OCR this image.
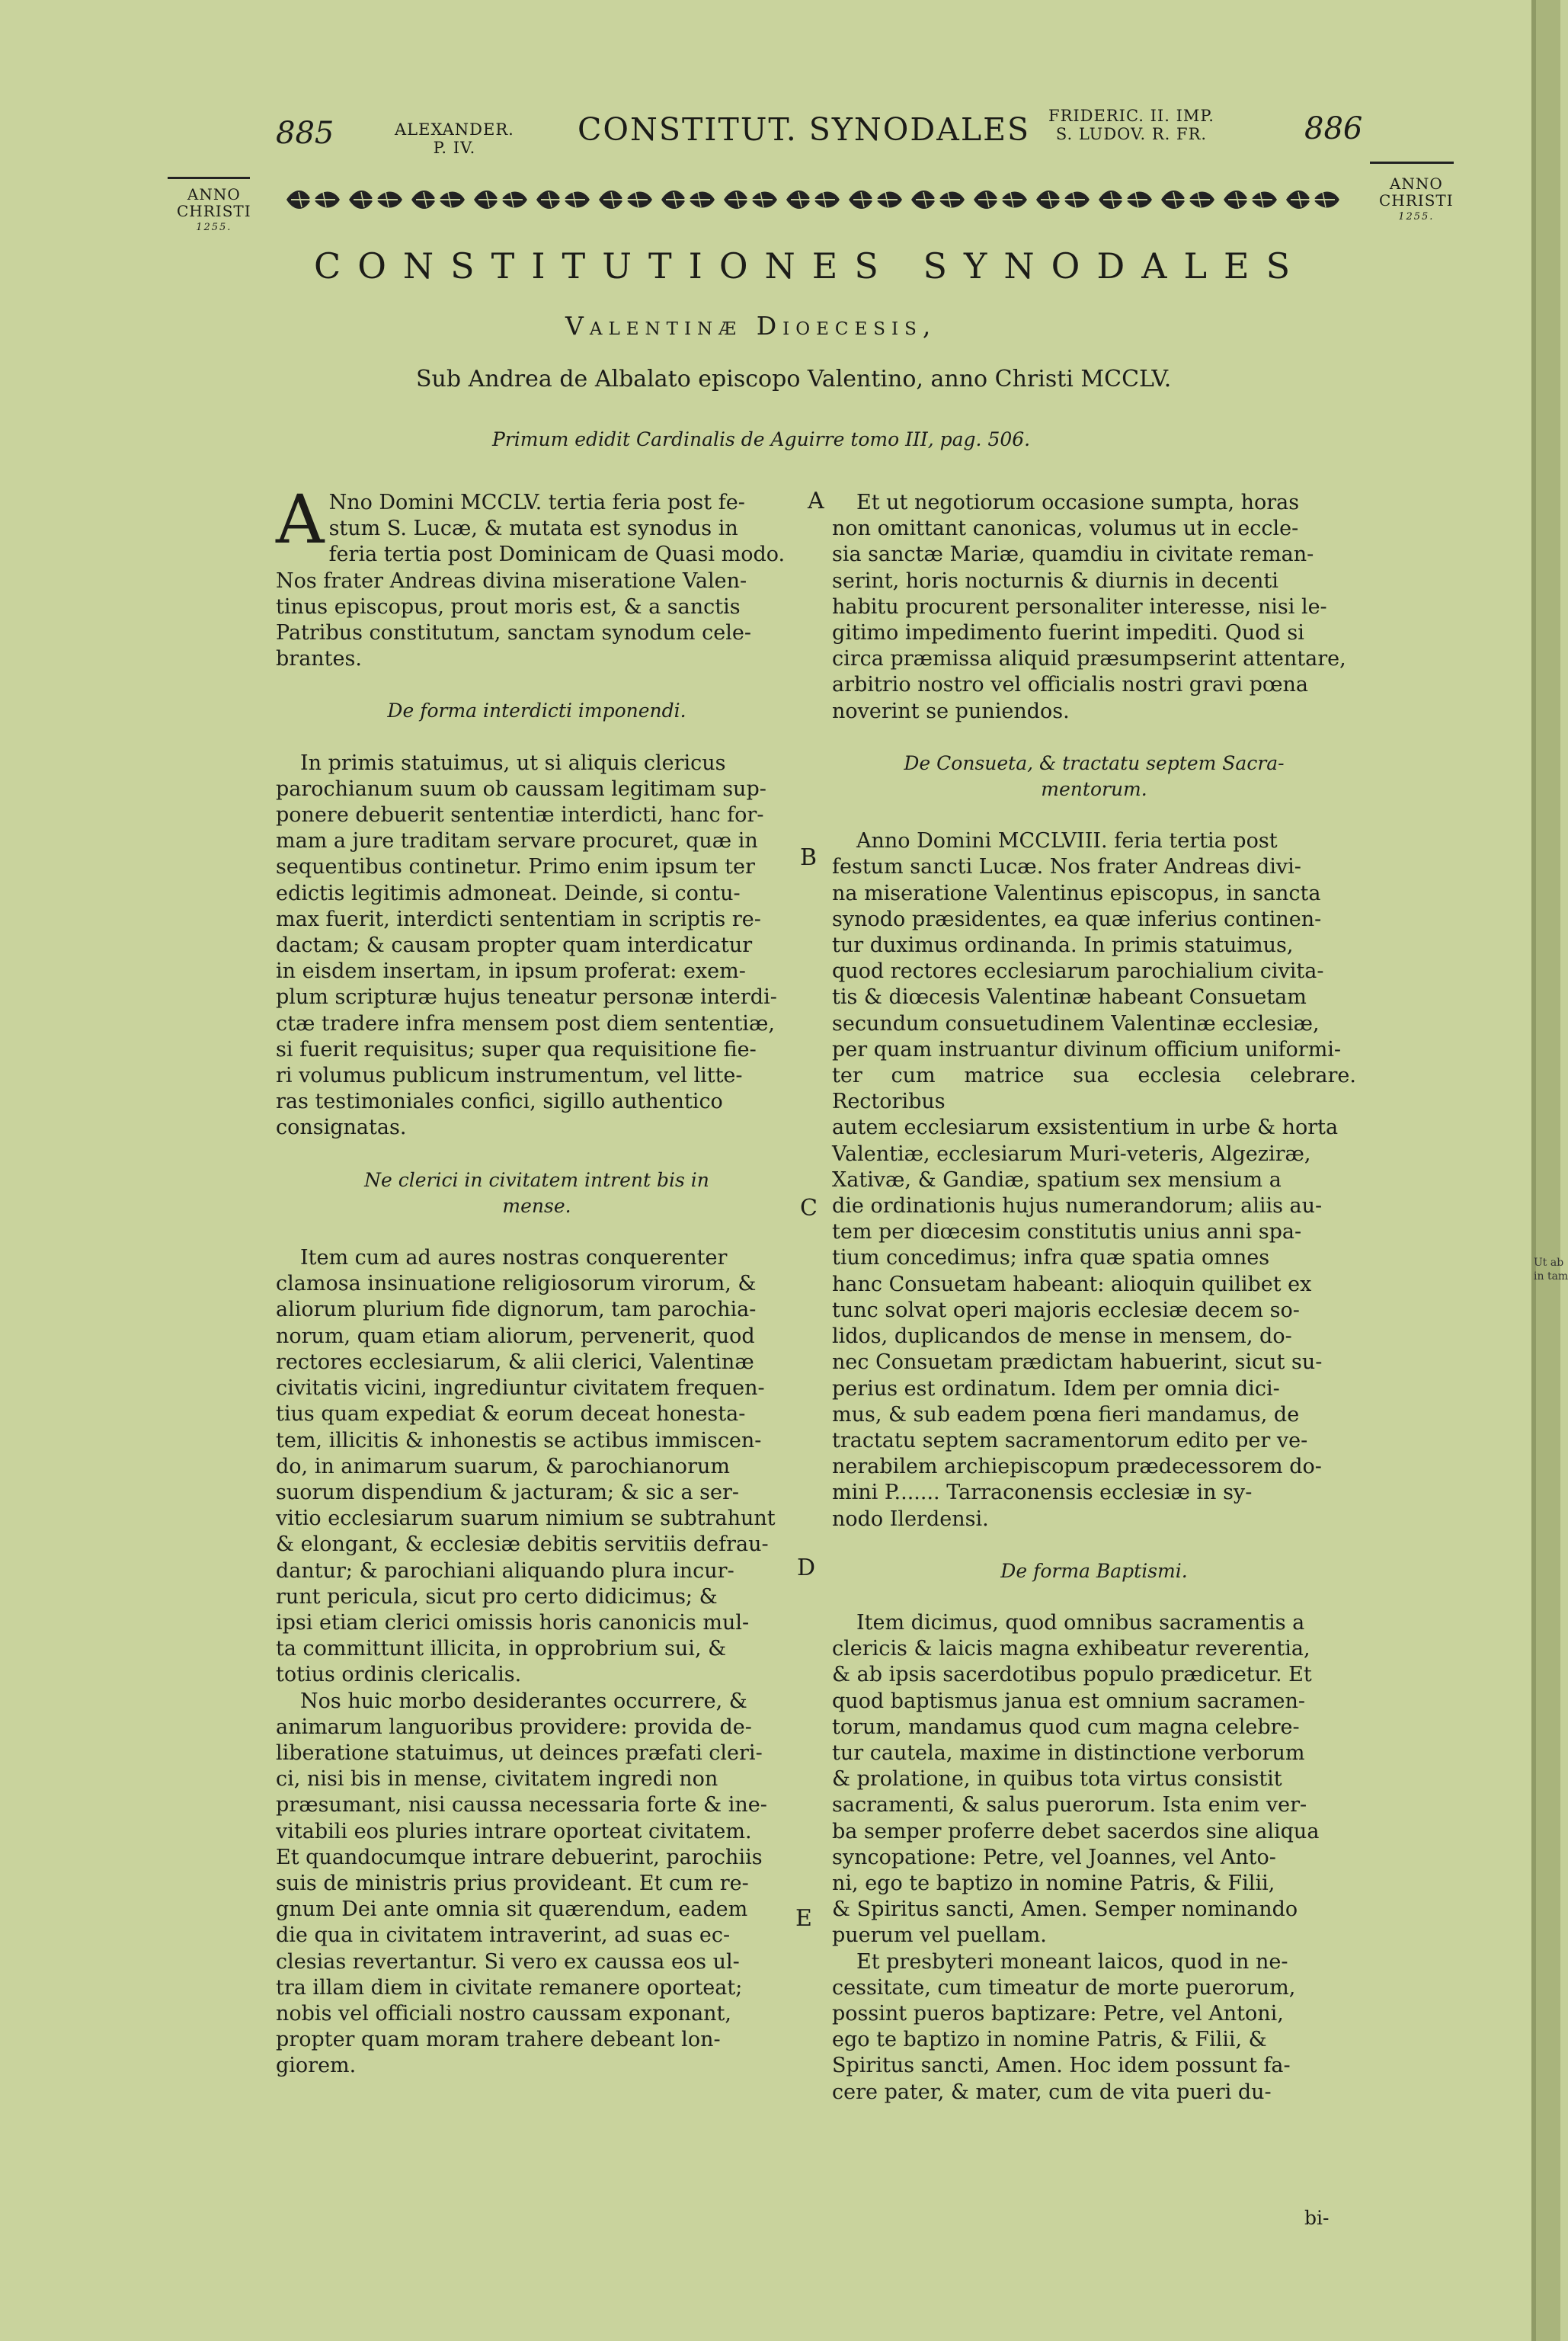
885	ALEXANDER.
P. IV.	CONSTITUT. SYNODALES FRIDERIC. II. IMP.
S. LUDOV. R. FR.	886
ANNO
CHRISTI
1255.
ANNO
CHRISTI
1255.
CONSTITUTIONES SYNODALES
Valentinæ Dioecesis,
Sub Andrea de Albalato episcopo Valentino, anno Christi MCCLV.
Primum edidit Cardinalis de Aguirre tomo III, pag. 506.
A
B
C
D
E
A Nno Domini MCCLV. tertia feria post fe-

stum S. Lucæ, & mutata est synodus in

feria tertia post Dominicam de Quasi modo.

Nos frater Andreas divina miseratione Valen-

tinus episcopus, prout moris est, & a sanctis

Patribus constitutum, sanctam synodum cele-

brantes.

De forma interdicti imponendi.

In primis statuimus, ut si aliquis clericus

parochianum suum ob caussam legitimam sup-

ponere debuerit sententiæ interdicti, hanc for-

mam a jure traditam servare procuret, quæ in

sequentibus continetur. Primo enim ipsum ter

edictis legitimis admoneat. Deinde, si contu-

max fuerit, interdicti sententiam in scriptis re-

dactam; & causam propter quam interdicatur

in eisdem insertam, in ipsum proferat: exem-

plum scripturæ hujus teneatur personæ interdi-

ctæ tradere infra mensem post diem sententiæ,

si fuerit requisitus; super qua requisitione fie-

ri volumus publicum instrumentum, vel litte-

ras testimoniales confici, sigillo authentico

consignatas.

Ne clerici in civitatem intrent bis in

mense.

Item cum ad aures nostras conquerenter

clamosa insinuatione religiosorum virorum, &

aliorum plurium fide dignorum, tam parochia-

norum, quam etiam aliorum, pervenerit, quod

rectores ecclesiarum, & alii clerici, Valentinæ

civitatis vicini, ingrediuntur civitatem frequen-

tius quam expediat & eorum deceat honesta-

tem, illicitis & inhonestis se actibus immiscen-

do, in animarum suarum, & parochianorum

suorum dispendium & jacturam; & sic a ser-

vitio ecclesiarum suarum nimium se subtrahunt

& elongant, & ecclesiæ debitis servitiis defrau-

dantur; & parochiani aliquando plura incur-

runt pericula, sicut pro certo didicimus; &

ipsi etiam clerici omissis horis canonicis mul-

ta committunt illicita, in opprobrium sui, &

totius ordinis clericalis.

Nos huic morbo desiderantes occurrere, &

animarum languoribus providere: provida de-

liberatione statuimus, ut deinces præfati cleri-

ci, nisi bis in mense, civitatem ingredi non

præsumant, nisi caussa necessaria forte & ine-

vitabili eos pluries intrare oporteat civitatem.

Et quandocumque intrare debuerint, parochiis

suis de ministris prius provideant. Et cum re-

gnum Dei ante omnia sit quærendum, eadem

die qua in civitatem intraverint, ad suas ec-

clesias revertantur. Si vero ex caussa eos ul-

tra illam diem in civitate remanere oporteat;

nobis vel officiali nostro caussam exponant,

propter quam moram trahere debeant lon-

giorem.

Et ut negotiorum occasione sumpta, horas

non omittant canonicas, volumus ut in eccle-

sia sanctæ Mariæ, quamdiu in civitate reman-

serint, horis nocturnis & diurnis in decenti

habitu procurent personaliter interesse, nisi le-

gitimo impedimento fuerint impediti. Quod si

circa præmissa aliquid præsumpserint attentare,

arbitrio nostro vel officialis nostri gravi pœna

noverint se puniendos.

De Consueta, & tractatu septem Sacra-

mentorum.

Anno Domini MCCLVIII. feria tertia post

festum sancti Lucæ. Nos frater Andreas divi-

na miseratione Valentinus episcopus, in sancta

synodo præsidentes, ea quæ inferius continen-

tur duximus ordinanda. In primis statuimus,

quod rectores ecclesiarum parochialium civita-

tis & diœcesis Valentinæ habeant Consuetam

secundum consuetudinem Valentinæ ecclesiæ,

per quam instruantur divinum officium uniformi-

ter cum matrice sua ecclesia celebrare. Rectoribus

autem ecclesiarum exsistentium in urbe & horta

Valentiæ, ecclesiarum Muri-veteris, Algeziræ,

Xativæ, & Gandiæ, spatium sex mensium a

die ordinationis hujus numerandorum; aliis au-

tem per diœcesim constitutis unius anni spa-

tium concedimus; infra quæ spatia omnes

hanc Consuetam habeant: alioquin quilibet ex

tunc solvat operi majoris ecclesiæ decem so-

lidos, duplicandos de mense in mensem, do-

nec Consuetam prædictam habuerint, sicut su-

perius est ordinatum. Idem per omnia dici-

mus, & sub eadem pœna fieri mandamus, de

tractatu septem sacramentorum edito per ve-

nerabilem archiepiscopum prædecessorem do-

mini P....... Tarraconensis ecclesiæ in sy-

nodo Ilerdensi.

De forma Baptismi.

Item dicimus, quod omnibus sacramentis a

clericis & laicis magna exhibeatur reverentia,

& ab ipsis sacerdotibus populo prædicetur. Et

quod baptismus janua est omnium sacramen-

torum, mandamus quod cum magna celebre-

tur cautela, maxime in distinctione verborum

& prolatione, in quibus tota virtus consistit

sacramenti, & salus puerorum. Ista enim ver-

ba semper proferre debet sacerdos sine aliqua

syncopatione: Petre, vel Joannes, vel Anto-

ni, ego te baptizo in nomine Patris, & Filii,

& Spiritus sancti, Amen. Semper nominando

puerum vel puellam.

Et presbyteri moneant laicos, quod in ne-

cessitate, cum timeatur de morte puerorum,

possint pueros baptizare: Petre, vel Antoni,

ego te baptizo in nomine Patris, & Filii, &

Spiritus sancti, Amen. Hoc idem possunt fa-

cere pater, & mater, cum de vita pueri du-

bi-
Ut ab
in tam
